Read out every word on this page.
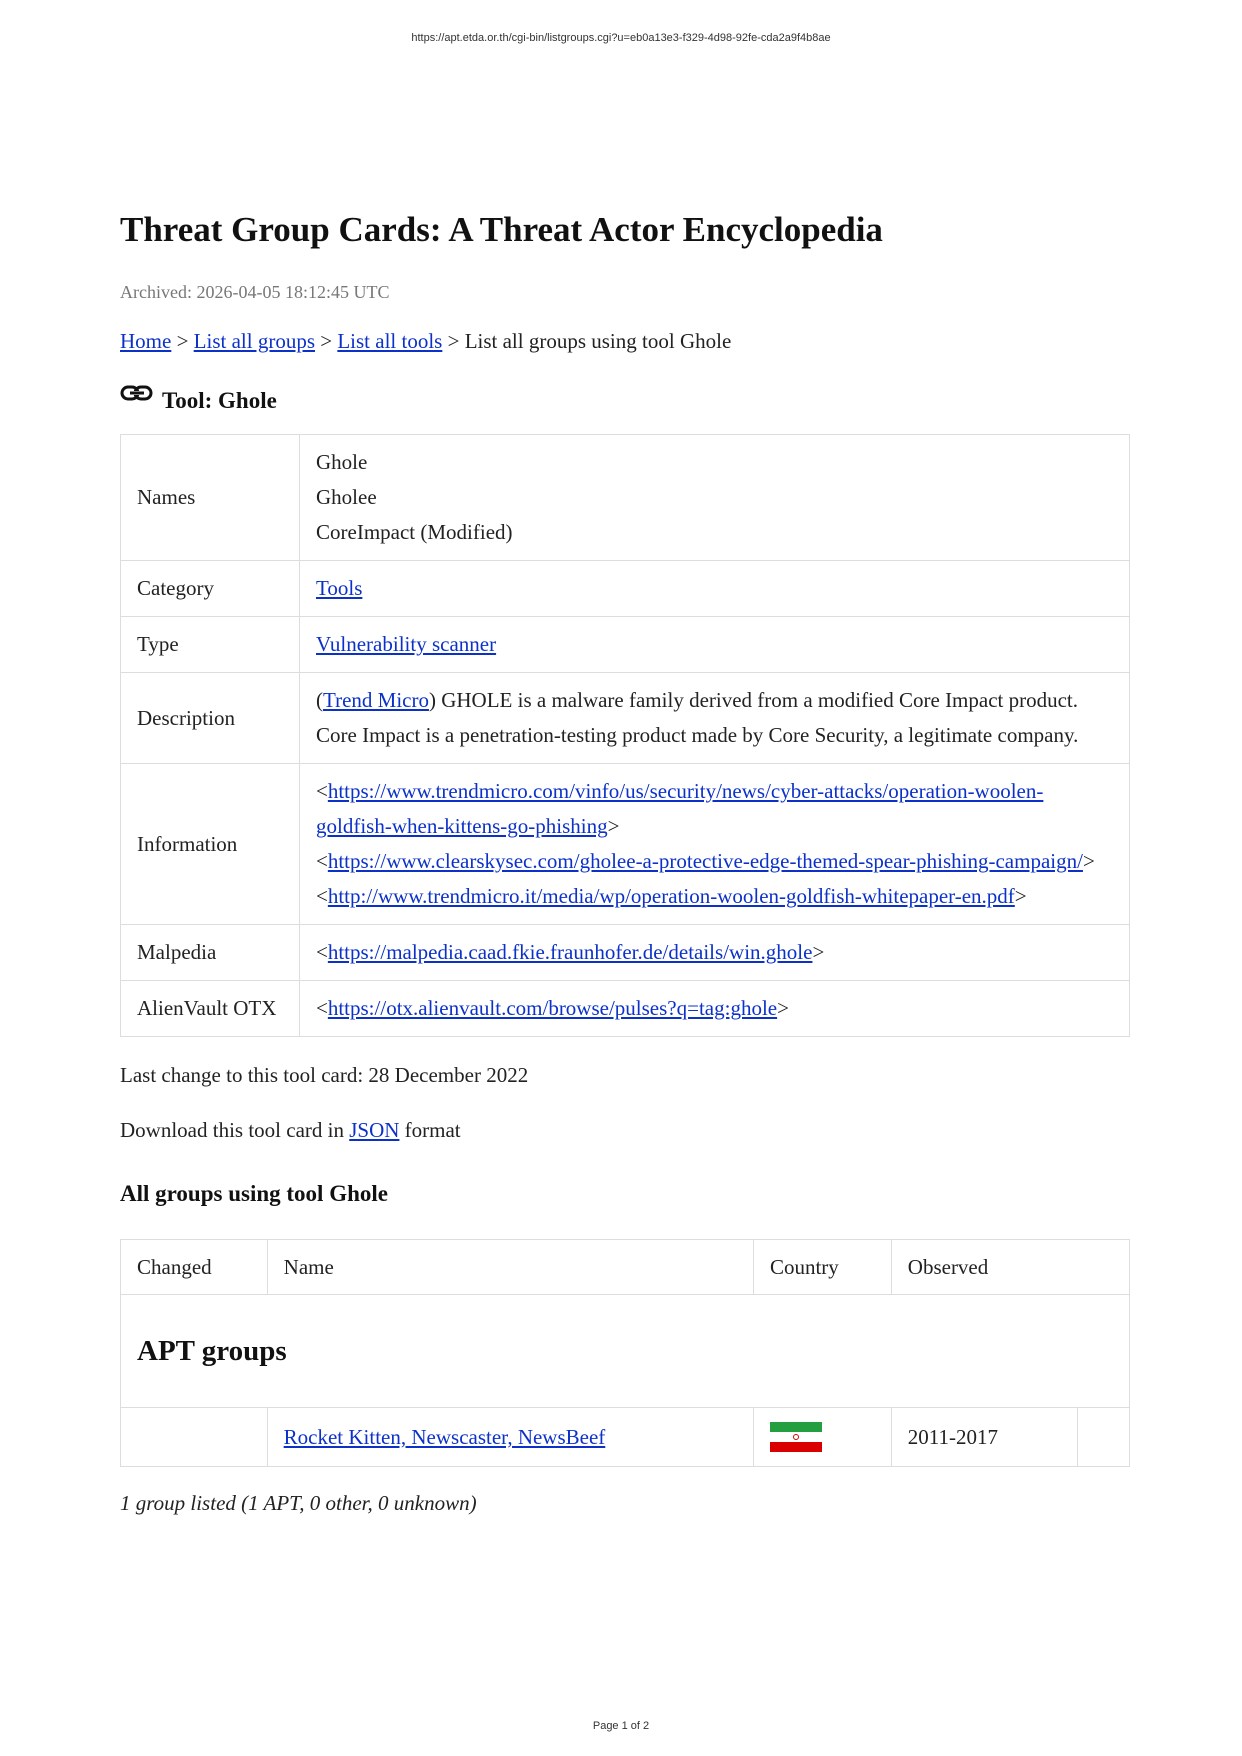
https://apt.etda.or.th/cgi-bin/listgroups.cgi?u=eb0a13e3-f329-4d98-92fe-cda2a9f4b8ae
Threat Group Cards: A Threat Actor Encyclopedia
Archived: 2026-04-05 18:12:45 UTC
Home > List all groups > List all tools > List all groups using tool Ghole
Tool: Ghole
Names	Ghole
Gholee
CoreImpact (Modified)

Category	Tools
Type	Vulnerability scanner
Description	(Trend Micro) GHOLE is a malware family derived from a modified Core Impact product. Core Impact is a penetration-testing product made by Core Security, a legitimate company.
Information	<https://www.trendmicro.com/vinfo/us/security/news/cyber-attacks/operation-woolen-goldfish-when-kittens-go-phishing>
<https://www.clearskysec.com/gholee-a-protective-edge-themed-spear-phishing-campaign/>
<http://www.trendmicro.it/media/wp/operation-woolen-goldfish-whitepaper-en.pdf>

Malpedia	<https://malpedia.caad.fkie.fraunhofer.de/details/win.ghole>
AlienVault OTX	<https://otx.alienvault.com/browse/pulses?q=tag:ghole>
Last change to this tool card: 28 December 2022
Download this tool card in JSON format
All groups using tool Ghole
Changed	Name	Country	Observed	
APT groups				
	Rocket Kitten, Newscaster, NewsBeef		2011-2017	
1 group listed (1 APT, 0 other, 0 unknown)
Page 1 of 2
